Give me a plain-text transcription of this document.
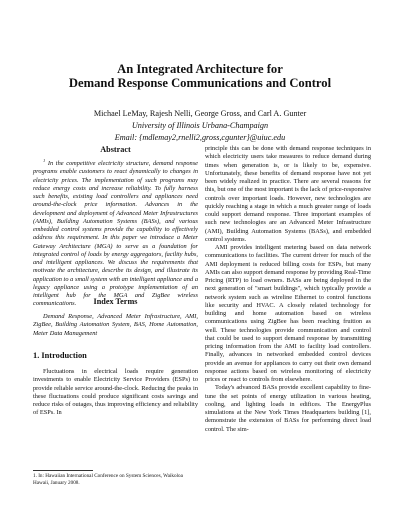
An Integrated Architecture for
Demand Response Communications and Control
Michael LeMay, Rajesh Nelli, George Gross, and Carl A. Gunter
University of Illinois Urbana-Champaign
Email: {mdlemay2,rnelli2,gross,cgunter}@uiuc.edu
Abstract

$^1$ In the competitive electricity structure, demand response programs enable customers to react dynamically to changes in electricity prices. The implementation of such programs may reduce energy costs and increase reliability. To fully harness such benefits, existing load controllers and appliances need around-the-clock price information. Advances in the development and deployment of Advanced Meter Infrastructures (AMIs), Building Automation Systems (BASs), and various embedded control systems provide the capability to effectively address this requirement. In this paper we introduce a Meter Gateway Architecture (MGA) to serve as a foundation for integrated control of loads by energy aggregators, facility hubs, and intelligent appliances. We discuss the requirements that motivate the architecture, describe its design, and illustrate its application to a small system with an intelligent appliance and a legacy appliance using a prototype implementation of an intelligent hub for the MGA and ZigBee wireless communications.	Index Terms

Demand Response, Advanced Meter Infrastructure, AMI, ZigBee, Building Automation System, BAS, Home Automation, Meter Data Management

1. Introduction

Fluctuations in electrical loads require generation investments to enable Electricity Service Providers (ESPs) to provide reliable service around-the-clock. Reducing the peaks in these fluctuations could produce significant costs savings and reduce risks of outages, thus improving efficiency and reliability of ESPs. In

1. In: Hawaiian International Conference on System Sciences, Waikoloa Hawaii, January 2008.

principle this can be done with demand response techniques in which electricity users take measures to reduce demand during times when generation is, or is likely to be, expensive. Unfortunately, these benefits of demand response have not yet been widely realized in practice. There are several reasons for this, but one of the most important is the lack of price-responsive controls over important loads. However, new technologies are quickly reaching a stage in which a much greater range of loads could support demand response. Three important examples of such new technologies are an Advanced Meter Infrastructure (AMI), Building Automation Systems (BASs), and embedded control systems.

AMI provides intelligent metering based on data network communications to facilities. The current driver for much of the AMI deployment is reduced billing costs for ESPs, but many AMIs can also support demand response by providing Real-Time Pricing (RTP) to load owners. BASs are being deployed in the next generation of "smart buildings", which typically provide a network system such as wireline Ethernet to control functions like security and HVAC. A closely related technology for building and home automation based on wireless communications using ZigBee has been reaching fruition as well. These technologies provide communication and control that could be used to support demand response by transmitting pricing information from the AMI to facility load controllers. Finally, advances in networked embedded control devices provide an avenue for appliances to carry out their own demand response actions based on wireless monitoring of electricity prices or react to controls from elsewhere.

Today's advanced BASs provide excellent capability to fine-tune the set points of energy utilization in various heating, cooling, and lighting loads in edifices. The EnergyPlus simulations at the New York Times Headquarters building [1], demonstrate the extension of BASs for performing direct load control. The sim-
